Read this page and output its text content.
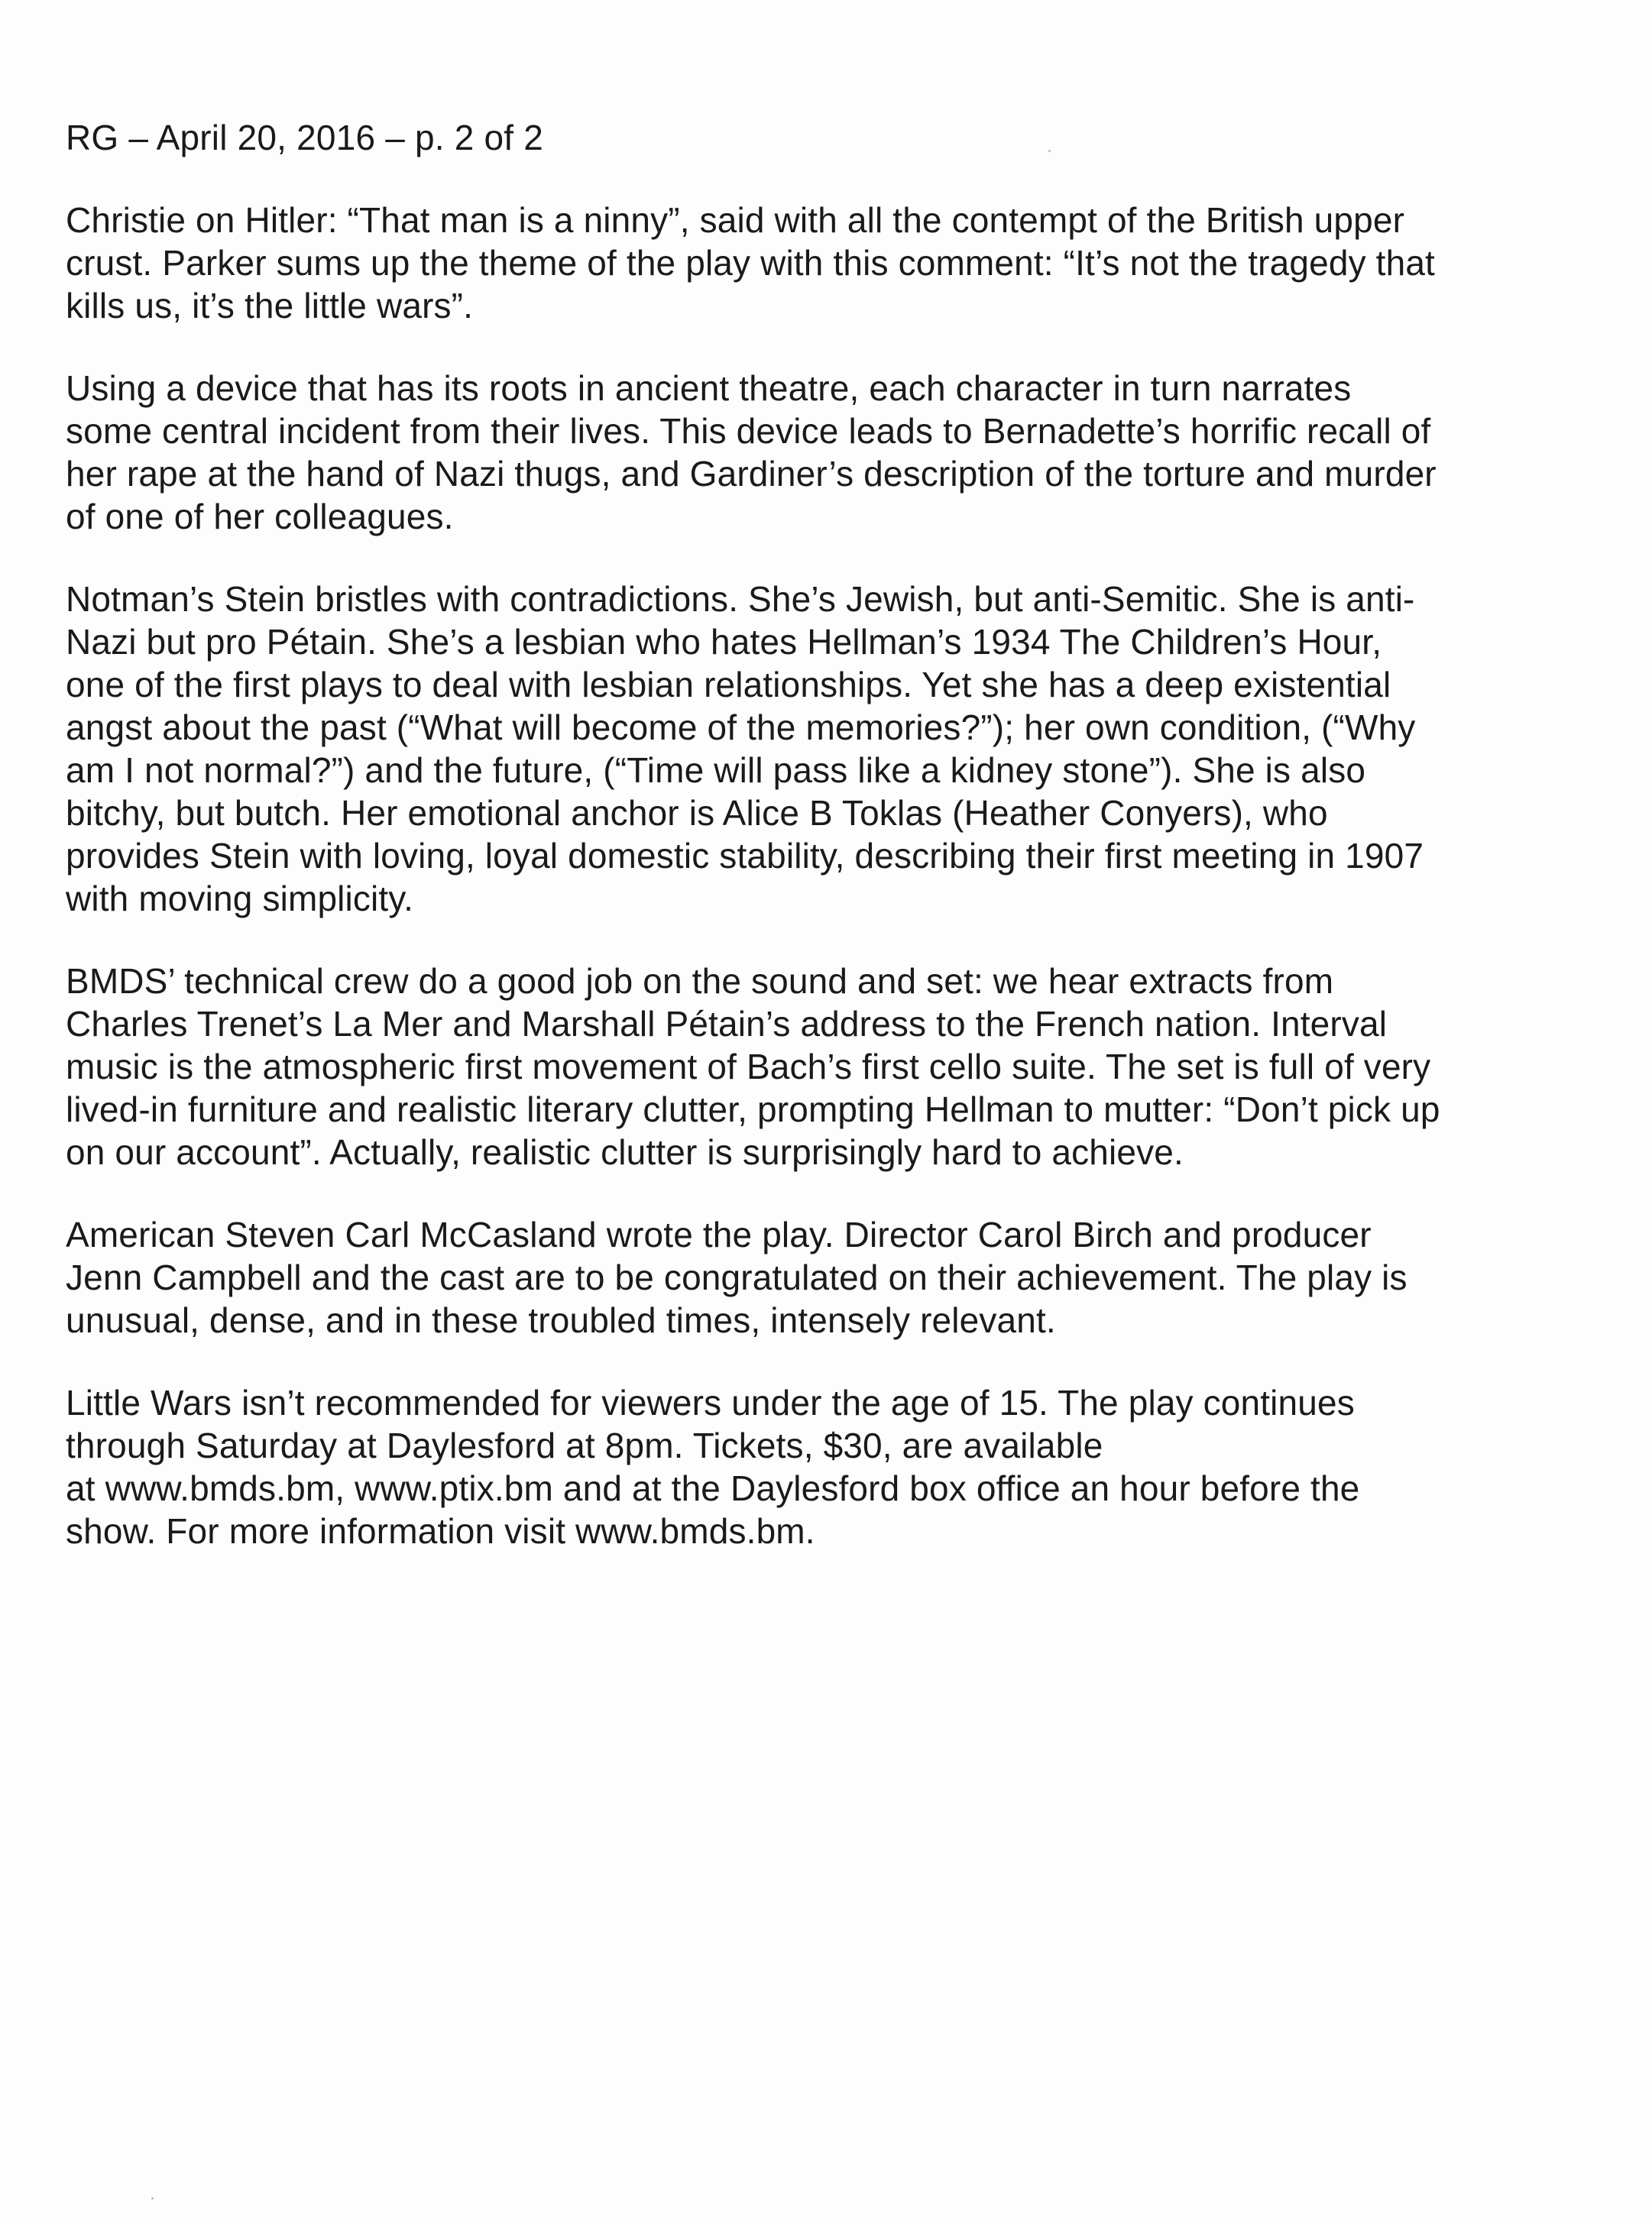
RG – April 20, 2016 – p. 2 of 2

Christie on Hitler: “That man is a ninny”, said with all the contempt of the British upper
crust. Parker sums up the theme of the play with this comment: “It’s not the tragedy that
kills us, it’s the little wars”.
Using a device that has its roots in ancient theatre, each character in turn narrates
some central incident from their lives. This device leads to Bernadette’s horrific recall of
her rape at the hand of Nazi thugs, and Gardiner’s description of the torture and murder
of one of her colleagues.
Notman’s Stein bristles with contradictions. She’s Jewish, but anti-Semitic. She is anti-
Nazi but pro Pétain. She’s a lesbian who hates Hellman’s 1934 The Children’s Hour,
one of the first plays to deal with lesbian relationships. Yet she has a deep existential
angst about the past (“What will become of the memories?”); her own condition, (“Why
am I not normal?”) and the future, (“Time will pass like a kidney stone”). She is also
bitchy, but butch. Her emotional anchor is Alice B Toklas (Heather Conyers), who
provides Stein with loving, loyal domestic stability, describing their first meeting in 1907
with moving simplicity.
BMDS’ technical crew do a good job on the sound and set: we hear extracts from
Charles Trenet’s La Mer and Marshall Pétain’s address to the French nation. Interval
music is the atmospheric first movement of Bach’s first cello suite. The set is full of very
lived-in furniture and realistic literary clutter, prompting Hellman to mutter: “Don’t pick up
on our account”. Actually, realistic clutter is surprisingly hard to achieve.
American Steven Carl McCasland wrote the play. Director Carol Birch and producer
Jenn Campbell and the cast are to be congratulated on their achievement. The play is
unusual, dense, and in these troubled times, intensely relevant.
Little Wars isn’t recommended for viewers under the age of 15. The play continues
through Saturday at Daylesford at 8pm. Tickets, $30, are available
at www.bmds.bm, www.ptix.bm and at the Daylesford box office an hour before the
show. For more information visit www.bmds.bm.
